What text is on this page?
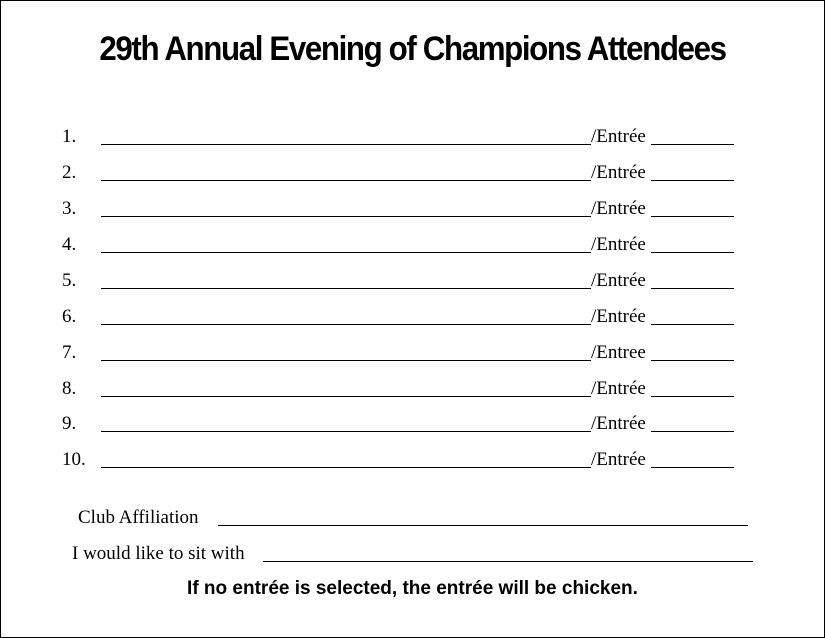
29th Annual Evening of Champions Attendees
1.	/Entrée
2.	/Entrée
3.	/Entrée
4.	/Entrée
5.	/Entrée
6.	/Entrée
7.	/Entree
8.	/Entrée
9.	/Entrée
10.	/Entrée
Club Affiliation
I would like to sit with
If no entrée is selected, the entrée will be chicken.
